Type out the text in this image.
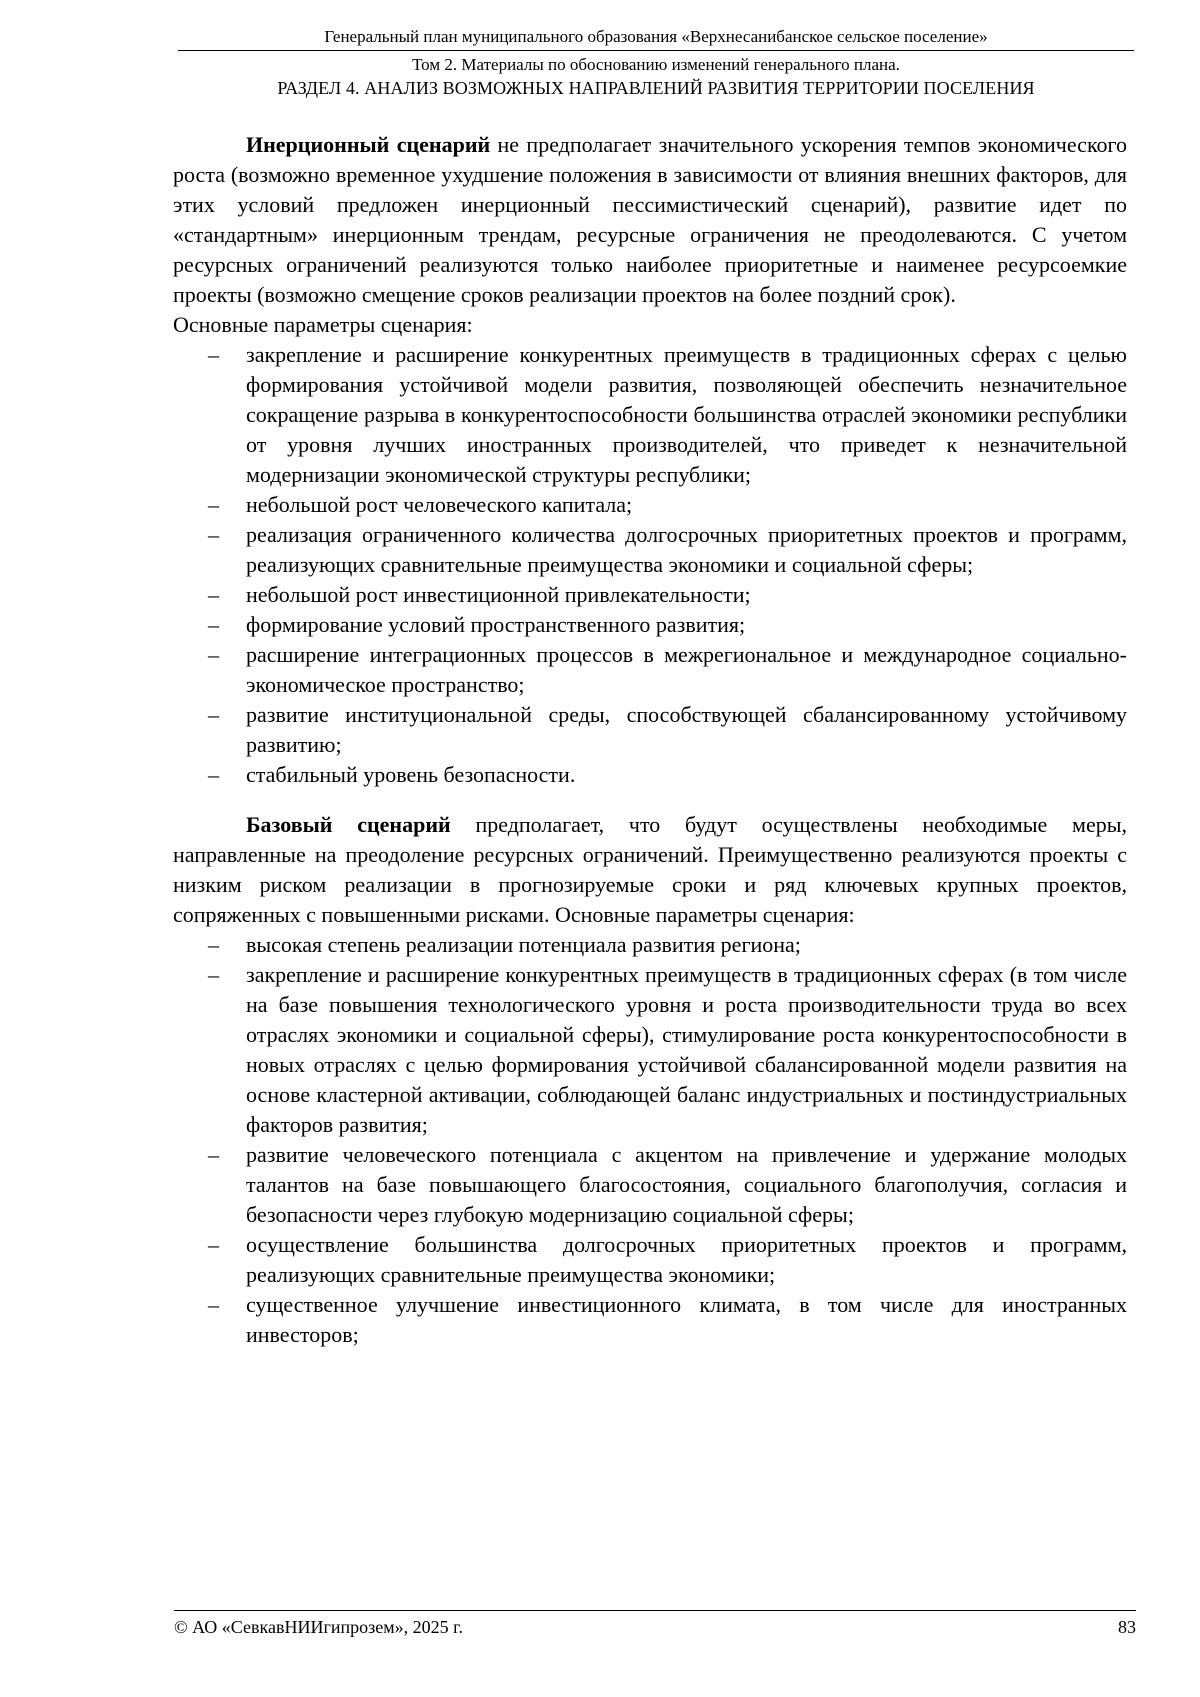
Генеральный план муниципального образования «Верхнесанибанское сельское поселение»
Том 2. Материалы по обоснованию изменений генерального плана.
РАЗДЕЛ 4. АНАЛИЗ ВОЗМОЖНЫХ НАПРАВЛЕНИЙ РАЗВИТИЯ ТЕРРИТОРИИ ПОСЕЛЕНИЯ

Инерционный сценарий не предполагает значительного ускорения темпов экономического роста (возможно временное ухудшение положения в зависимости от влияния внешних факторов, для этих условий предложен инерционный пессимистический сценарий), развитие идет по «стандартным» инерционным трендам, ресурсные ограничения не преодолеваются. С учетом ресурсных ограничений реализуются только наиболее приоритетные и наименее ресурсоемкие проекты (возможно смещение сроков реализации проектов на более поздний срок).

Основные параметры сценария:

– закрепление и расширение конкурентных преимуществ в традиционных сферах с целью формирования устойчивой модели развития, позволяющей обеспечить незначительное сокращение разрыва в конкурентоспособности большинства отраслей экономики республики от уровня лучших иностранных производителей, что приведет к незначительной модернизации экономической структуры республики;
– небольшой рост человеческого капитала;
– реализация ограниченного количества долгосрочных приоритетных проектов и программ, реализующих сравнительные преимущества экономики и социальной сферы;
– небольшой рост инвестиционной привлекательности;
– формирование условий пространственного развития;
– расширение интеграционных процессов в межрегиональное и международное социально-экономическое пространство;
– развитие институциональной среды, способствующей сбалансированному устойчивому развитию;
– стабильный уровень безопасности.

Базовый сценарий предполагает, что будут осуществлены необходимые меры, направленные на преодоление ресурсных ограничений. Преимущественно реализуются проекты с низким риском реализации в прогнозируемые сроки и ряд ключевых крупных проектов, сопряженных с повышенными рисками. Основные параметры сценария:

– высокая степень реализации потенциала развития региона;
– закрепление и расширение конкурентных преимуществ в традиционных сферах (в том числе на базе повышения технологического уровня и роста производительности труда во всех отраслях экономики и социальной сферы), стимулирование роста конкурентоспособности в новых отраслях с целью формирования устойчивой сбалансированной модели развития на основе кластерной активации, соблюдающей баланс индустриальных и постиндустриальных факторов развития;
– развитие человеческого потенциала с акцентом на привлечение и удержание молодых талантов на базе повышающего благосостояния, социального благополучия, согласия и безопасности через глубокую модернизацию социальной сферы;
– осуществление большинства долгосрочных приоритетных проектов и программ, реализующих сравнительные преимущества экономики;
– существенное улучшение инвестиционного климата, в том числе для иностранных инвесторов;
© АО «СевкавНИИгипрозем», 2025 г.	83
